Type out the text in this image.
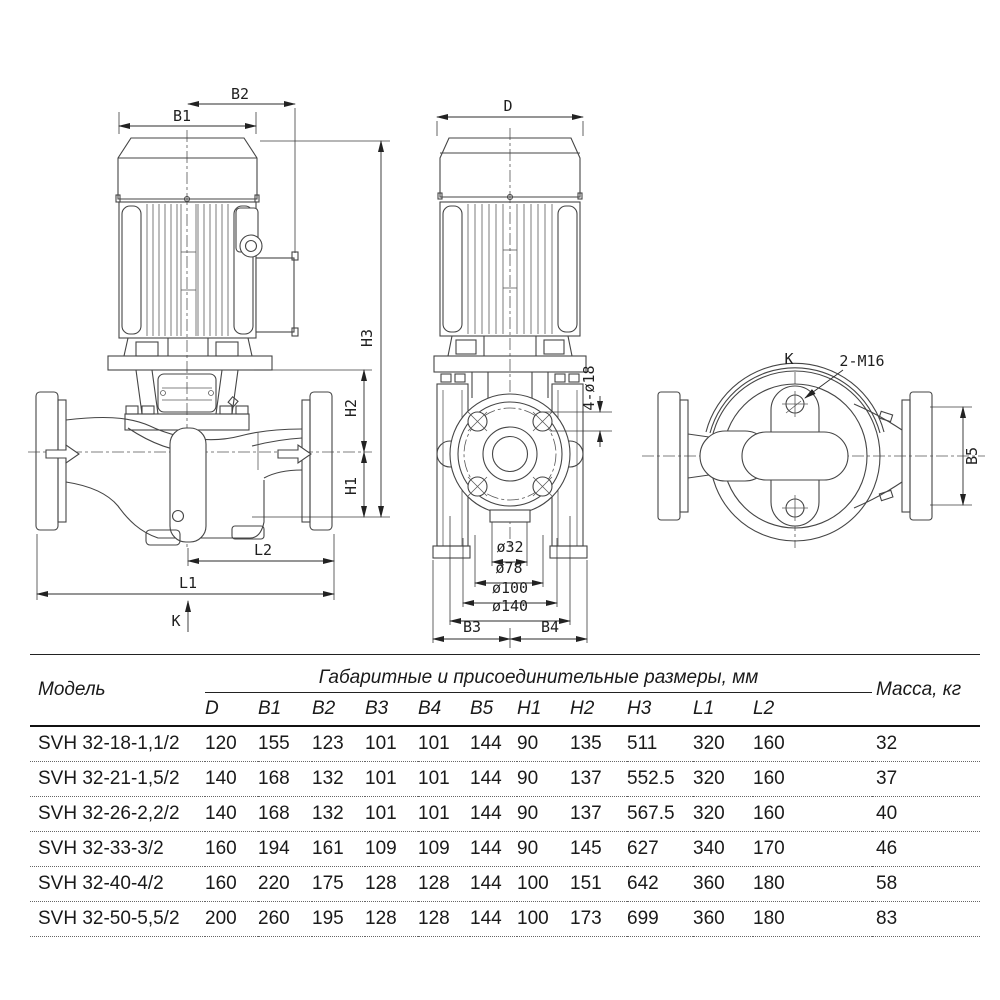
B2
B1
H3
H2
H1
L2
L1
K
D
4-ø18
ø32
ø78
ø100
ø140
B3	B4
K	2-M16
B5
Модель	Габаритные и присоединительные размеры, мм											Масса, кг
	D	B1	B2	B3	B4	B5	H1	H2	H3	L1	L2	
SVH 32-18-1,1/2	120	155	123	101	101	144	90	135	511	320	160	32
SVH 32-21-1,5/2	140	168	132	101	101	144	90	137	552.5	320	160	37
SVH 32-26-2,2/2	140	168	132	101	101	144	90	137	567.5	320	160	40
SVH 32-33-3/2	160	194	161	109	109	144	90	145	627	340	170	46
SVH 32-40-4/2	160	220	175	128	128	144	100	151	642	360	180	58
SVH 32-50-5,5/2	200	260	195	128	128	144	100	173	699	360	180	83
